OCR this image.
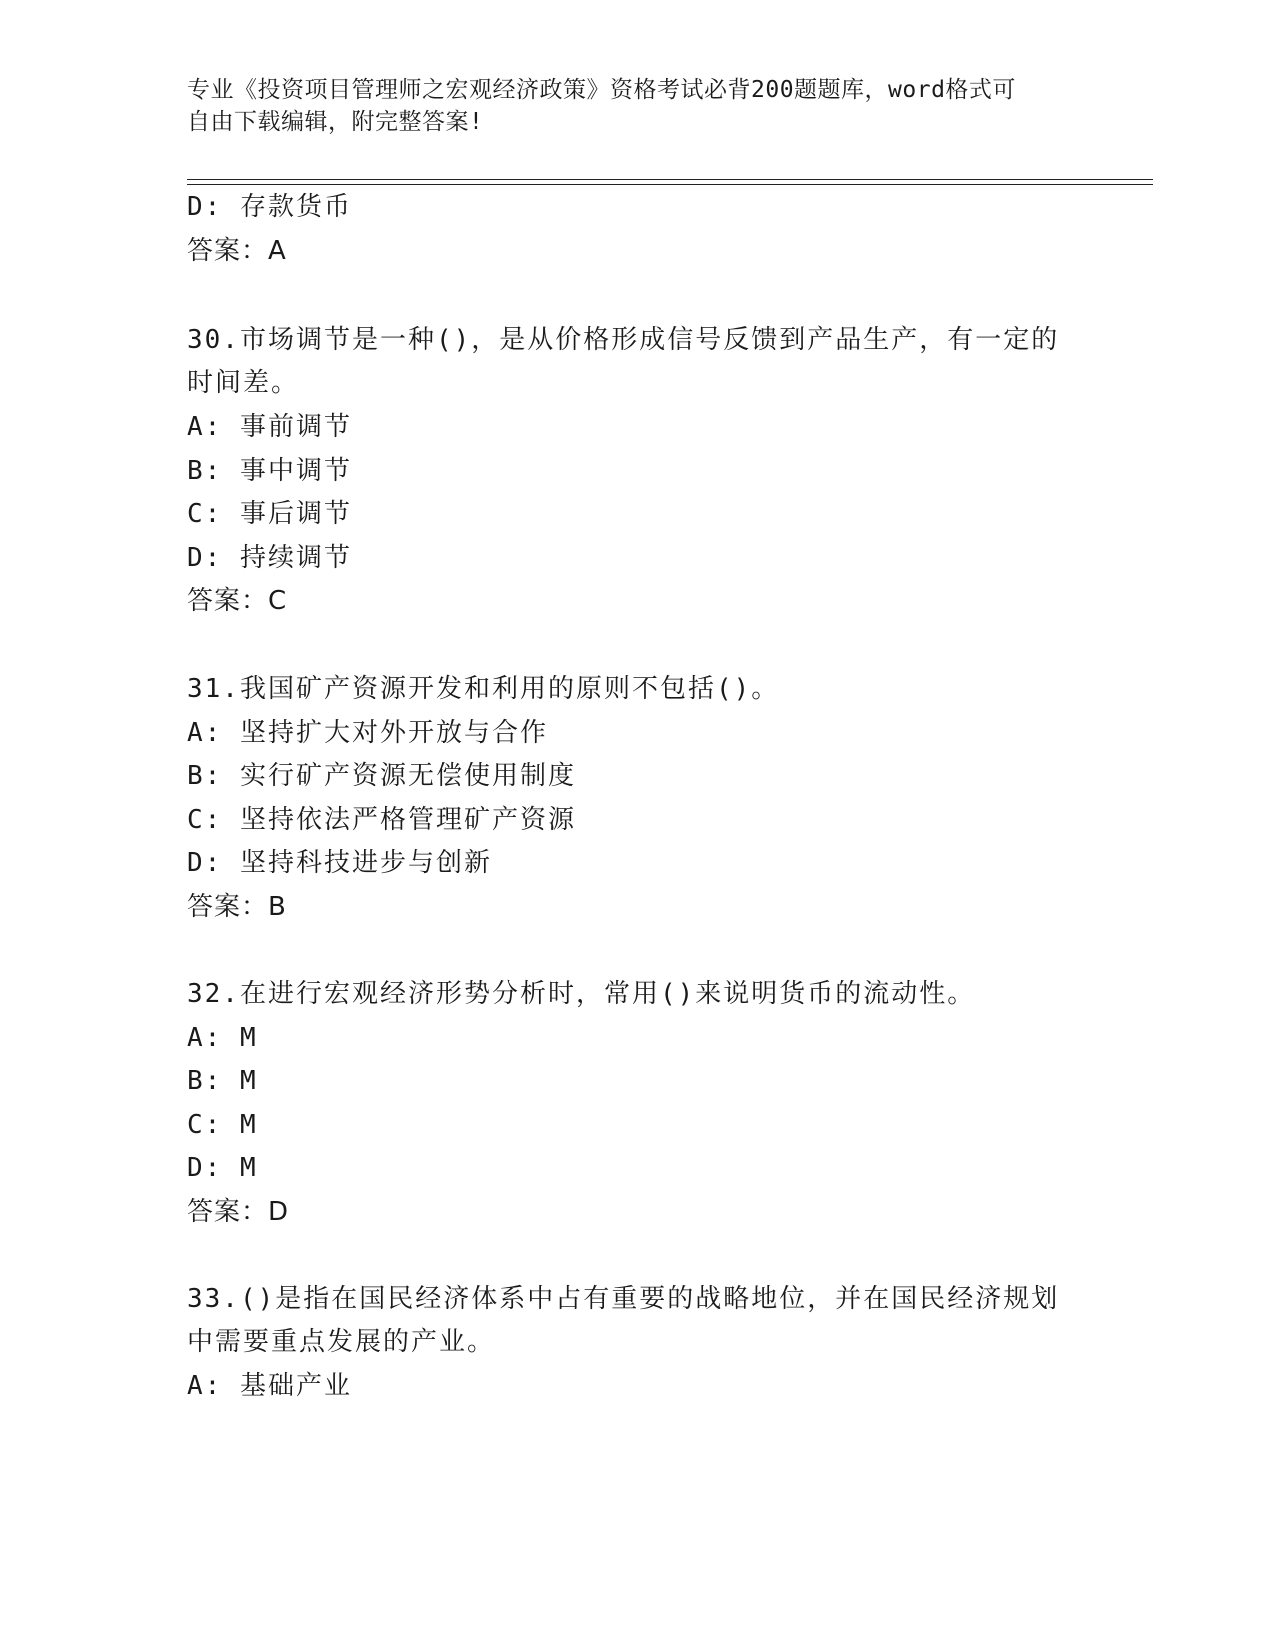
专业《投资项目管理师之宏观经济政策》资格考试必背200题题库，word格式可
自由下载编辑，附完整答案!
D: 存款货币
答案：A
30.市场调节是一种()，是从价格形成信号反馈到产品生产，有一定的
时间差。
A: 事前调节
B: 事中调节
C: 事后调节
D: 持续调节
答案：C
31.我国矿产资源开发和利用的原则不包括()。
A: 坚持扩大对外开放与合作
B: 实行矿产资源无偿使用制度
C: 坚持依法严格管理矿产资源
D: 坚持科技进步与创新
答案：B
32.在进行宏观经济形势分析时，常用()来说明货币的流动性。
A: M
B: M
C: M
D: M
答案：D
33.()是指在国民经济体系中占有重要的战略地位，并在国民经济规划
中需要重点发展的产业。
A: 基础产业
